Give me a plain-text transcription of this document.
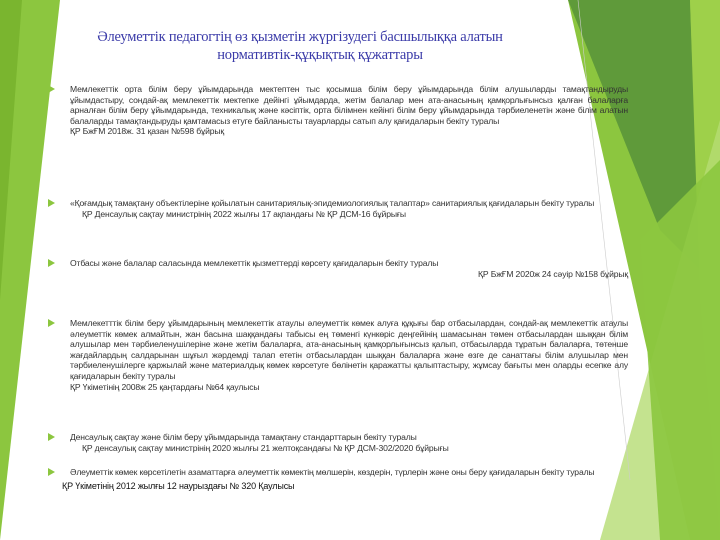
Әлеуметтік педагогтің өз қызметін жүргізудегі басшылыққа алатын
нормативтік-құқықтық құжаттары

Мемлекеттік орта білім беру ұйымдарында мектептен тыс қосымша білім беру ұйымдарында білім алушыларды тамақтандыруды ұйымдастыру, сондай-ақ мемлекеттік мектепке дейінгі ұйымдарда, жетім балалар мен ата-анасының қамқорлығынсыз қалған балаларға арналған білім беру ұйымдарында, техникалық және кәсіптік, орта білімнен кейінгі білім беру ұйымдарында тәрбиеленетін және білім алатын балаларды тамақтандыруды қамтамасыз етуге байланысты тауарларды сатып алу қағидаларын бекіту туралы

ҚР БжҒМ 2018ж. 31 қазан №598 бұйрық

«Қоғамдық тамақтану объектілеріне қойылатын санитариялық-эпидемиологиялық талаптар» санитариялық қағидаларын бекіту туралы

ҚР Денсаулық сақтау министрінің 2022 жылғы 17 ақпандағы № ҚР ДСМ-16 бұйрығы

Отбасы және балалар саласында мемлекеттік қызметтерді көрсету қағидаларын бекіту туралы

ҚР БжҒМ 2020ж 24 сәуір №158 бұйрық

Мемлекетттік білім беру ұйымдарының мемлекеттік атаулы әлеуметтік көмек алуға құқығы бар отбасылардан, сондай-ақ мемлекеттік атаулы әлеуметтік көмек алмайтын, жан басына шаққандағы табысы ең төменгі күнкөріс деңгейінің шамасынан төмен отбасылардан шыққан білім алушылар мен тәрбиеленушілеріне және жетім балаларға, ата-анасының қамқорлығынсыз қалып, отбасыларда тұратын балаларға, төтенше жағдайлардың салдарынан шұғыл жәрдемді талап ететін отбасылардан шыққан балаларға және өзге де санаттағы білім алушылар мен тәрбиеленушілерге қаржылай және материалдық көмек көрсетуге бөлінетін қаражатты қалыптастыру, жұмсау бағыты мен оларды есепке алу қағидаларын бекіту туралы

ҚР Үкіметінің 2008ж 25 қаңтардағы №64 қаулысы

Денсаулық сақтау және білім беру ұйымдарында тамақтану стандарттарын бекіту туралы

ҚР денсаулық сақтау министрінің 2020 жылғы 21 желтоқсандағы № ҚР ДСМ-302/2020 бұйрығы

Әлеуметтік көмек көрсетілетін азаматтарға әлеуметтік көмектің мөлшерін, көздерін, түрлерін және оны беру қағидаларын бекіту туралы

ҚР Үкіметінің 2012 жылғы 12 наурыздағы № 320 Қаулысы
